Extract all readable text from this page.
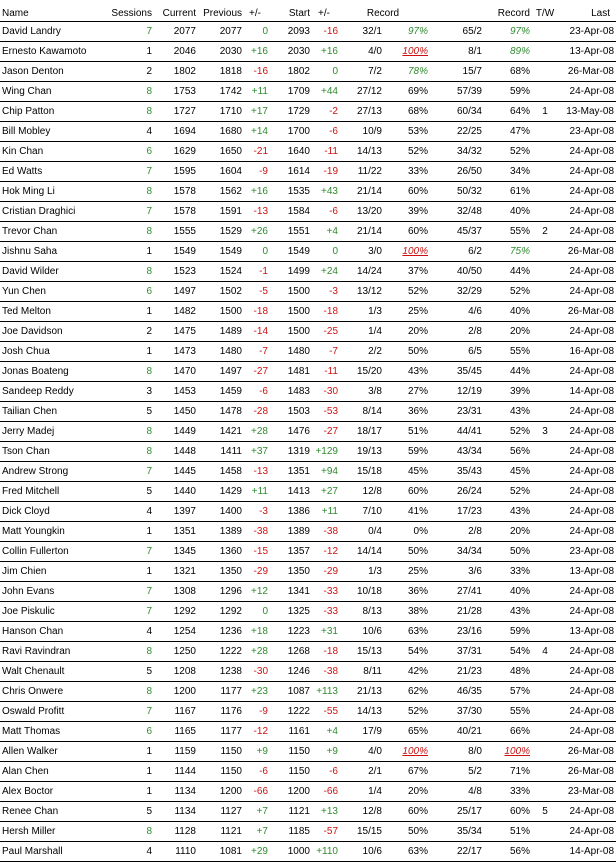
Name	Sessions	Current	Previous	+/-	Start	+/-	Record		Record		T/W	Last
David Landry	7	2077	2077	0	2093	-16	32/1	97%	65/2	97%		23-Apr-08
Ernesto Kawamoto	1	2046	2030	+16	2030	+16	4/0	100%	8/1	89%		13-Apr-08
Jason Denton	2	1802	1818	-16	1802	0	7/2	78%	15/7	68%		26-Mar-08
Wing Chan	8	1753	1742	+11	1709	+44	27/12	69%	57/39	59%		24-Apr-08
Chip Patton	8	1727	1710	+17	1729	-2	27/13	68%	60/34	64%	1	13-May-08
Bill Mobley	4	1694	1680	+14	1700	-6	10/9	53%	22/25	47%		23-Apr-08
Kin Chan	6	1629	1650	-21	1640	-11	14/13	52%	34/32	52%		24-Apr-08
Ed Watts	7	1595	1604	-9	1614	-19	11/22	33%	26/50	34%		24-Apr-08
Hok Ming Li	8	1578	1562	+16	1535	+43	21/14	60%	50/32	61%		24-Apr-08
Cristian Draghici	7	1578	1591	-13	1584	-6	13/20	39%	32/48	40%		24-Apr-08
Trevor Chan	8	1555	1529	+26	1551	+4	21/14	60%	45/37	55%	2	24-Apr-08
Jishnu Saha	1	1549	1549	0	1549	0	3/0	100%	6/2	75%		26-Mar-08
David Wilder	8	1523	1524	-1	1499	+24	14/24	37%	40/50	44%		24-Apr-08
Yun Chen	6	1497	1502	-5	1500	-3	13/12	52%	32/29	52%		24-Apr-08
Ted Melton	1	1482	1500	-18	1500	-18	1/3	25%	4/6	40%		26-Mar-08
Joe Davidson	2	1475	1489	-14	1500	-25	1/4	20%	2/8	20%		24-Apr-08
Josh Chua	1	1473	1480	-7	1480	-7	2/2	50%	6/5	55%		16-Apr-08
Jonas Boateng	8	1470	1497	-27	1481	-11	15/20	43%	35/45	44%		24-Apr-08
Sandeep Reddy	3	1453	1459	-6	1483	-30	3/8	27%	12/19	39%		14-Apr-08
Tailian Chen	5	1450	1478	-28	1503	-53	8/14	36%	23/31	43%		24-Apr-08
Jerry Madej	8	1449	1421	+28	1476	-27	18/17	51%	44/41	52%	3	24-Apr-08
Tson Chan	8	1448	1411	+37	1319	+129	19/13	59%	43/34	56%		24-Apr-08
Andrew Strong	7	1445	1458	-13	1351	+94	15/18	45%	35/43	45%		24-Apr-08
Fred Mitchell	5	1440	1429	+11	1413	+27	12/8	60%	26/24	52%		24-Apr-08
Dick Cloyd	4	1397	1400	-3	1386	+11	7/10	41%	17/23	43%		24-Apr-08
Matt Youngkin	1	1351	1389	-38	1389	-38	0/4	0%	2/8	20%		24-Apr-08
Collin Fullerton	7	1345	1360	-15	1357	-12	14/14	50%	34/34	50%		23-Apr-08
Jim Chien	1	1321	1350	-29	1350	-29	1/3	25%	3/6	33%		13-Apr-08
John Evans	7	1308	1296	+12	1341	-33	10/18	36%	27/41	40%		24-Apr-08
Joe Piskulic	7	1292	1292	0	1325	-33	8/13	38%	21/28	43%		24-Apr-08
Hanson Chan	4	1254	1236	+18	1223	+31	10/6	63%	23/16	59%		13-Apr-08
Ravi Ravindran	8	1250	1222	+28	1268	-18	15/13	54%	37/31	54%	4	24-Apr-08
Walt Chenault	5	1208	1238	-30	1246	-38	8/11	42%	21/23	48%		24-Apr-08
Chris Onwere	8	1200	1177	+23	1087	+113	21/13	62%	46/35	57%		24-Apr-08
Oswald Profitt	7	1167	1176	-9	1222	-55	14/13	52%	37/30	55%		24-Apr-08
Matt Thomas	6	1165	1177	-12	1161	+4	17/9	65%	40/21	66%		24-Apr-08
Allen Walker	1	1159	1150	+9	1150	+9	4/0	100%	8/0	100%		26-Mar-08
Alan Chen	1	1144	1150	-6	1150	-6	2/1	67%	5/2	71%		26-Mar-08
Alex Boctor	1	1134	1200	-66	1200	-66	1/4	20%	4/8	33%		23-Mar-08
Renee Chan	5	1134	1127	+7	1121	+13	12/8	60%	25/17	60%	5	24-Apr-08
Hersh Miller	8	1128	1121	+7	1185	-57	15/15	50%	35/34	51%		24-Apr-08
Paul Marshall	4	1110	1081	+29	1000	+110	10/6	63%	22/17	56%		14-Apr-08
